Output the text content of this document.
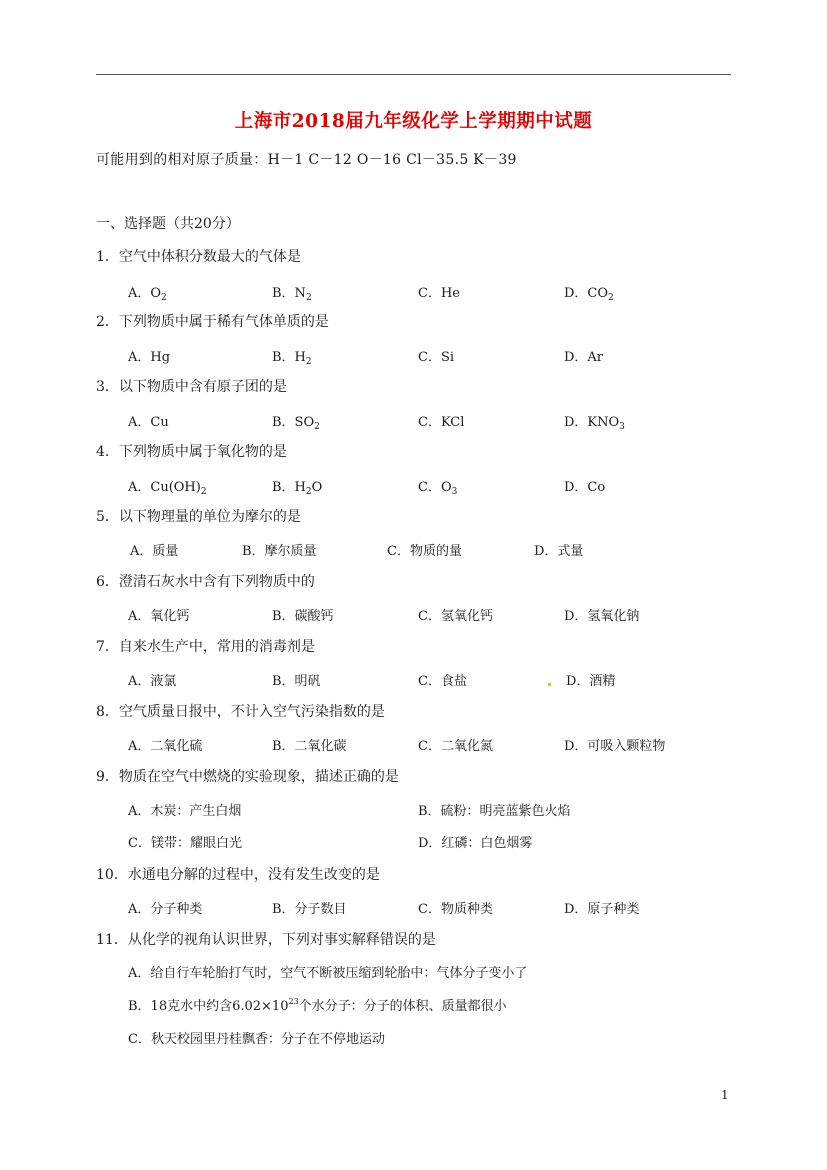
上海市2018届九年级化学上学期期中试题
可能用到的相对原子质量：H－1 C－12 O－16 Cl－35.5 K－39
一、选择题（共20分）
1．空气中体积分数最大的气体是
A．$O_2$	B．$N_2$	C．He	D．$CO_2$
2．下列物质中属于稀有气体单质的是
A．Hg	B．$H_2$	C．Si	D．Ar
3．以下物质中含有原子团的是
A．Cu	B．$SO_2$	C．KCl	D．$KNO_3$
4．下列物质中属于氧化物的是
A．$Cu(OH)_2$	B．$H_2O$	C．$O_3$	D．Co
5．以下物理量的单位为摩尔的是
A．质量	B．摩尔质量	C．物质的量	D．式量
6．澄清石灰水中含有下列物质中的
A．氧化钙	B．碳酸钙	C．氢氧化钙	D．氢氧化钠
7．自来水生产中，常用的消毒剂是
A．液氯	B．明矾	C．食盐	D．酒精
8．空气质量日报中，不计入空气污染指数的是
A．二氧化硫	B．二氧化碳	C．二氧化氮	D．可吸入颗粒物
9．物质在空气中燃烧的实验现象，描述正确的是
A．木炭：产生白烟	B．硫粉：明亮蓝紫色火焰
C．镁带：耀眼白光	D．红磷：白色烟雾
10．水通电分解的过程中，没有发生改变的是
A．分子种类	B．分子数目	C．物质种类	D．原子种类
11．从化学的视角认识世界，下列对事实解释错误的是
A．给自行车轮胎打气时，空气不断被压缩到轮胎中：气体分子变小了
B．18克水中约含$6.02\times 10^{23}$个水分子：分子的体积、质量都很小
C．秋天校园里丹桂飘香：分子在不停地运动
1
